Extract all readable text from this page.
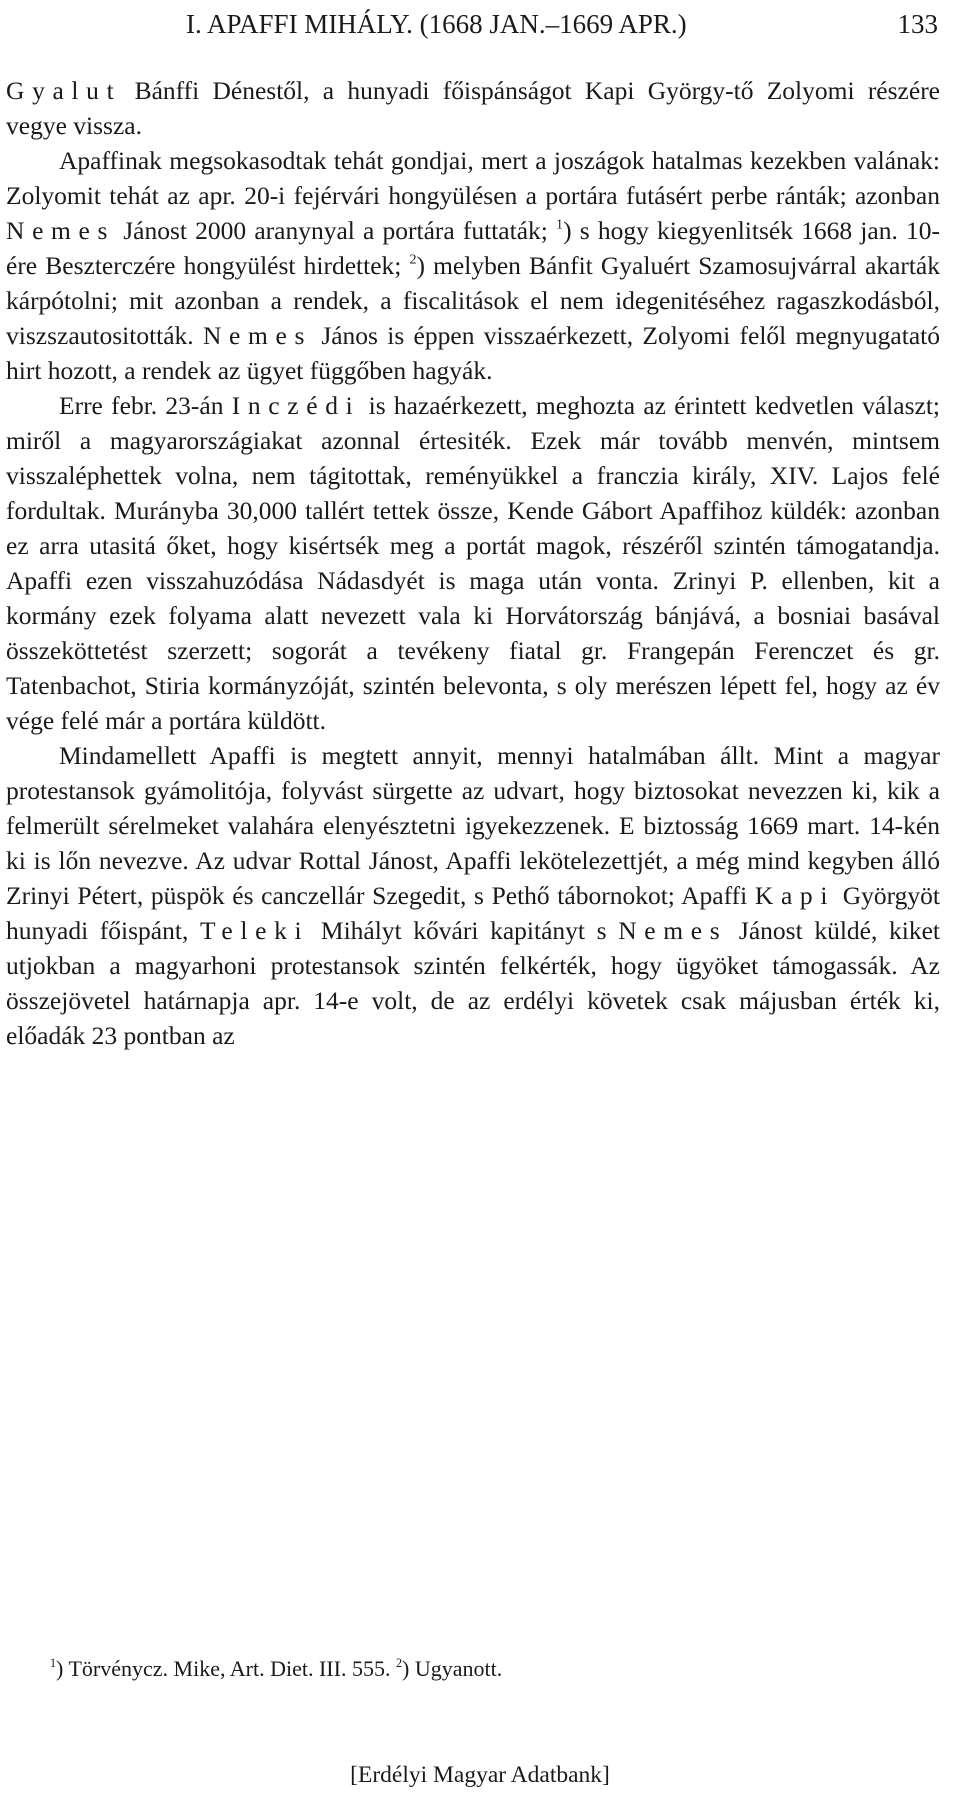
I. APAFFI MIHÁLY. (1668 JAN.–1669 APR.)	133

Gyalut Bánffi Dénestől, a hunyadi főispánságot Kapi György-tő Zolyomi részére vegye vissza.

Apaffinak megsokasodtak tehát gondjai, mert a joszágok hatalmas kezekben valának: Zolyomit tehát az apr. 20-i fejérvári hongyülésen a portára futásért perbe ránták; azonban Nemes Jánost 2000 aranynyal a portára futtaták; $^1$) s hogy kiegyenlitsék 1668 jan. 10-ére Beszterczére hongyülést hirdettek; $^2$) melyben Bánfit Gyaluért Szamosujvárral akarták kárpótolni; mit azonban a rendek, a fiscalitások el nem idegenitéséhez ragaszkodásból, viszszautositották. Nemes János is éppen visszaérkezett, Zolyomi felől megnyugatató hirt hozott, a rendek az ügyet függőben hagyák.

Erre febr. 23-án Inczédi is hazaérkezett, meghozta az érintett kedvetlen választ; miről a magyarországiakat azonnal értesiték. Ezek már tovább menvén, mintsem visszaléphettek volna, nem tágitottak, reményükkel a franczia király, XIV. Lajos felé fordultak. Murányba 30,000 tallért tettek össze, Kende Gábort Apaffihoz küldék: azonban ez arra utasitá őket, hogy kisértsék meg a portát magok, részéről szintén támogatandja. Apaffi ezen visszahuzódása Nádasdyét is maga után vonta. Zrinyi P. ellenben, kit a kormány ezek folyama alatt nevezett vala ki Horvátország bánjává, a bosniai basával összeköttetést szerzett; sogorát a tevékeny fiatal gr. Frangepán Ferenczet és gr. Tatenbachot, Stiria kormányzóját, szintén belevonta, s oly merészen lépett fel, hogy az év vége felé már a portára küldött.

Mindamellett Apaffi is megtett annyit, mennyi hatalmában állt. Mint a magyar protestansok gyámolitója, folyvást sürgette az udvart, hogy biztosokat nevezzen ki, kik a felmerült sérelmeket valahára elenyésztetni igyekezzenek. E biztosság 1669 mart. 14-kén ki is lőn nevezve. Az udvar Rottal Jánost, Apaffi lekötelezettjét, a még mind kegyben álló Zrinyi Pétert, püspök és canczellár Szegedit, s Pethő tábornokot; Apaffi Kapi Györgyöt hunyadi főispánt, Teleki Mihályt kővári kapitányt s Nemes Jánost küldé, kiket utjokban a magyarhoni protestansok szintén felkérték, hogy ügyöket támogassák. Az összejövetel határnapja apr. 14-e volt, de az erdélyi követek csak májusban érték ki, előadák 23 pontban az

$^1$) Törvénycz. Mike, Art. Diet. III. 555. $^2$) Ugyanott.
[Erdélyi Magyar Adatbank]
